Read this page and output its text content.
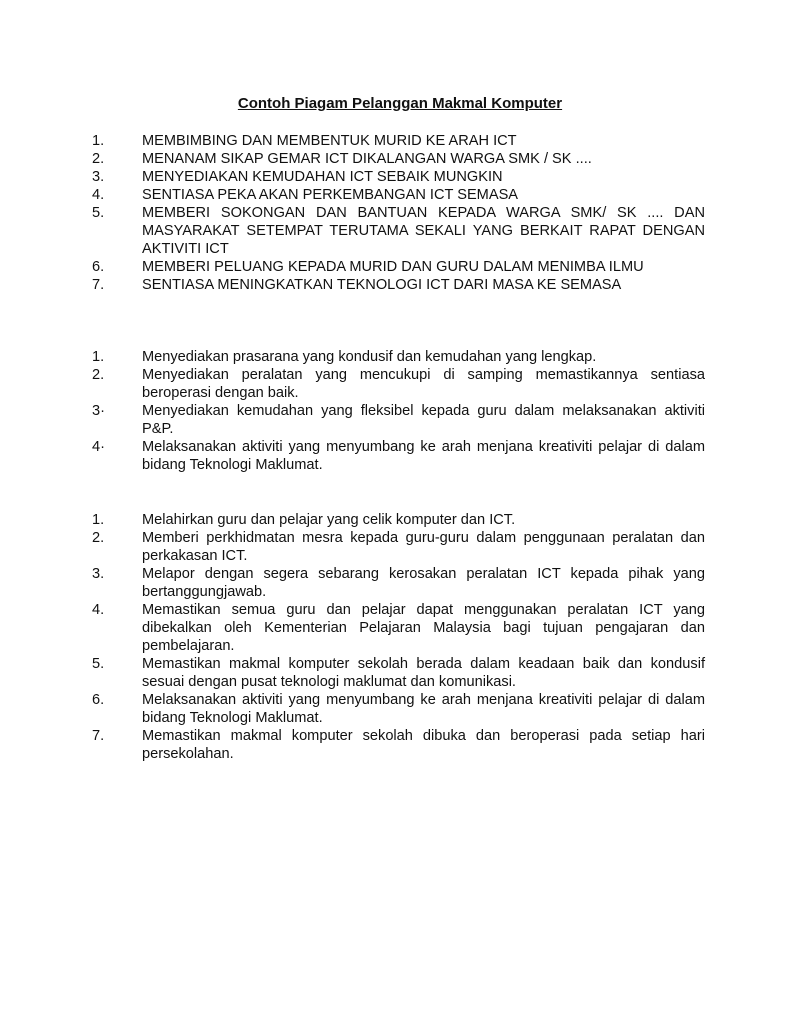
Contoh Piagam Pelanggan Makmal Komputer
1.	MEMBIMBING DAN MEMBENTUK MURID KE ARAH ICT
2.	MENANAM SIKAP GEMAR ICT DIKALANGAN WARGA SMK / SK ....
3.	MENYEDIAKAN KEMUDAHAN ICT SEBAIK MUNGKIN
4.	SENTIASA PEKA AKAN PERKEMBANGAN ICT SEMASA
5.	MEMBERI SOKONGAN DAN BANTUAN KEPADA WARGA SMK/ SK .... DAN MASYARAKAT SETEMPAT TERUTAMA SEKALI YANG BERKAIT RAPAT DENGAN AKTIVITI ICT
6.	MEMBERI PELUANG KEPADA MURID DAN GURU DALAM MENIMBA ILMU
7.	SENTIASA MENINGKATKAN TEKNOLOGI ICT DARI MASA KE SEMASA
1.	Menyediakan prasarana yang kondusif dan kemudahan yang lengkap.
2.	Menyediakan peralatan yang mencukupi di samping memastikannya sentiasa beroperasi dengan baik.
3·	Menyediakan kemudahan yang fleksibel kepada guru dalam melaksanakan aktiviti P&P.
4·	Melaksanakan aktiviti yang menyumbang ke arah menjana kreativiti pelajar di dalam bidang Teknologi Maklumat.
1.	Melahirkan guru dan pelajar yang celik komputer dan ICT.
2.	Memberi perkhidmatan mesra kepada guru-guru dalam penggunaan peralatan dan perkakasan ICT.
3.	Melapor dengan segera sebarang kerosakan peralatan ICT kepada pihak yang bertanggungjawab.
4.	Memastikan semua guru dan pelajar dapat menggunakan peralatan ICT yang dibekalkan oleh Kementerian Pelajaran Malaysia bagi tujuan pengajaran dan pembelajaran.
5.	Memastikan makmal komputer sekolah berada dalam keadaan baik dan kondusif sesuai dengan pusat teknologi maklumat dan komunikasi.
6.	Melaksanakan aktiviti yang menyumbang ke arah menjana kreativiti pelajar di dalam bidang Teknologi Maklumat.
7.	Memastikan makmal komputer sekolah dibuka dan beroperasi pada setiap hari persekolahan.
